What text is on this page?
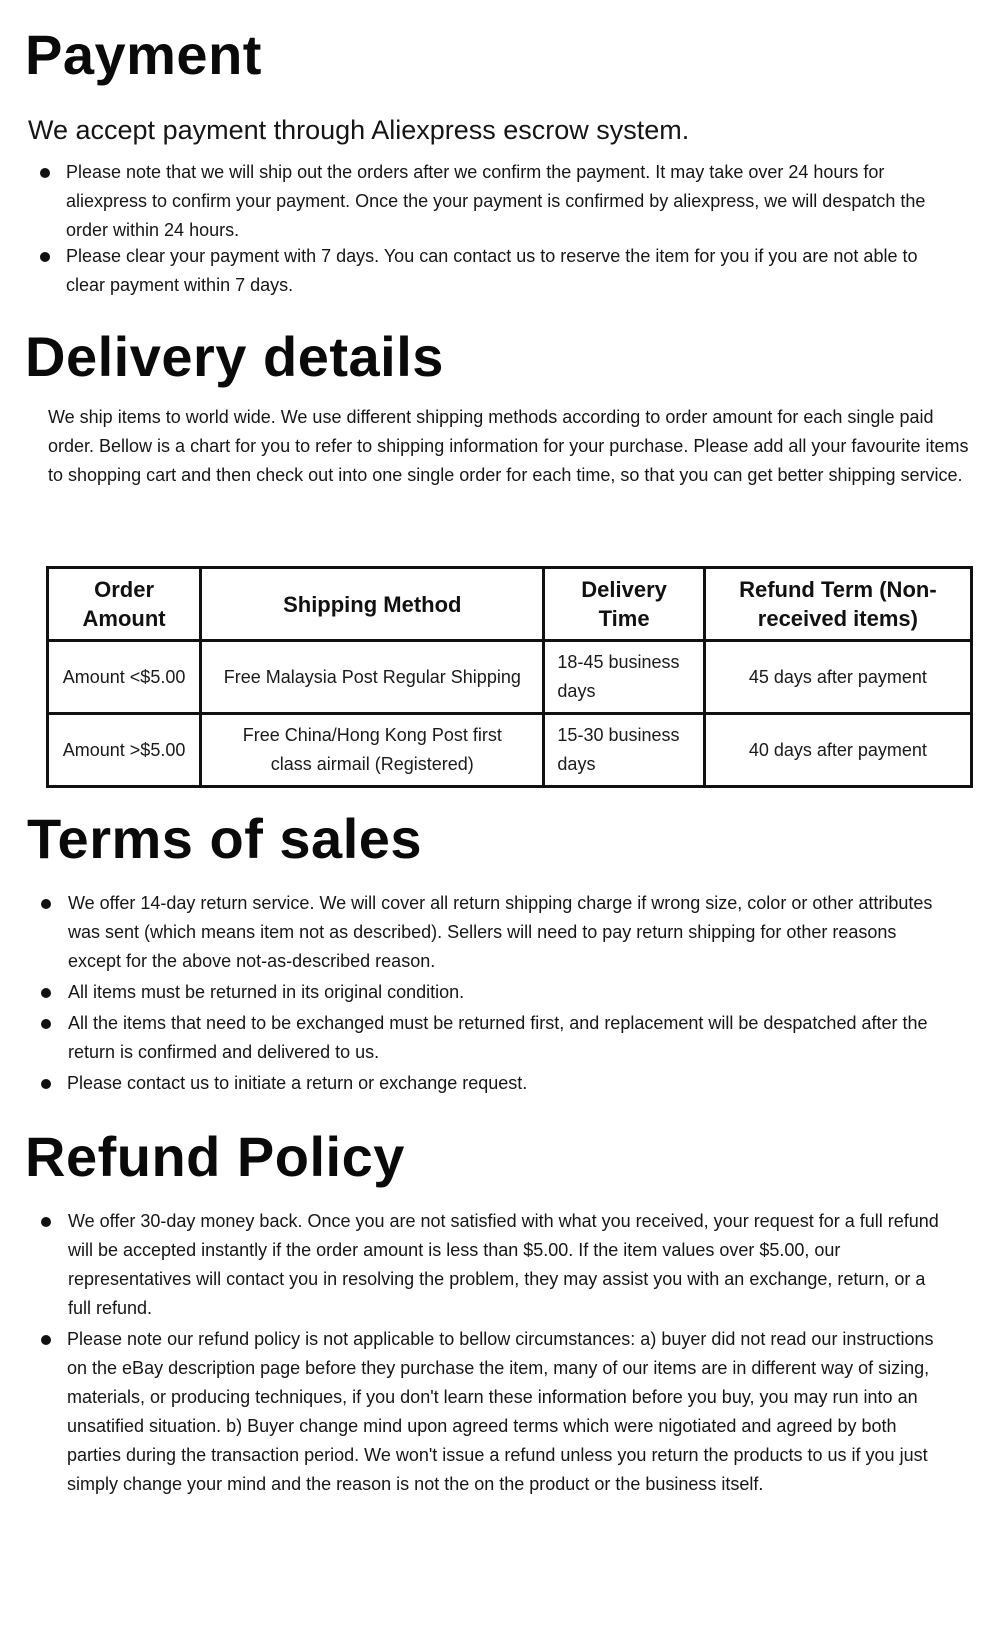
Payment

We accept payment through Aliexpress escrow system.

Please note that we will ship out the orders after we confirm the payment. It may take over 24 hours for aliexpress to confirm your payment. Once the your payment is confirmed by aliexpress, we will despatch the order within 24 hours.
Please clear your payment with 7 days. You can contact us to reserve the item for you if you are not able to clear payment within 7 days.
Delivery details

We ship items to world wide. We use different shipping methods according to order amount for each single paid order. Bellow is a chart for you to refer to shipping information for your purchase. Please add all your favourite items to shopping cart and then check out into one single order for each time, so that you can get better shipping service.

Order Amount	Shipping Method	Delivery Time	Refund Term (Non-received items)
Amount <$5.00	Free Malaysia Post Regular Shipping	18-45 business days	45 days after payment
Amount >$5.00	Free China/Hong Kong Post first class airmail (Registered)	15-30 business days	40 days after payment
Terms of sales
We offer 14-day return service. We will cover all return shipping charge if wrong size, color or other attributes was sent (which means item not as described). Sellers will need to pay return shipping for other reasons except for the above not-as-described reason.
All items must be returned in its original condition.
All the items that need to be exchanged must be returned first, and replacement will be despatched after the return is confirmed and delivered to us.
Please contact us to initiate a return or exchange request.
Refund Policy
We offer 30-day money back. Once you are not satisfied with what you received, your request for a full refund will be accepted instantly if the order amount is less than $5.00. If the item values over $5.00, our representatives will contact you in resolving the problem, they may assist you with an exchange, return, or a full refund.
Please note our refund policy is not applicable to bellow circumstances: a) buyer did not read our instructions on the eBay description page before they purchase the item, many of our items are in different way of sizing, materials, or producing techniques, if you don't learn these information before you buy, you may run into an unsatified situation. b) Buyer change mind upon agreed terms which were nigotiated and agreed by both parties during the transaction period. We won't issue a refund unless you return the products to us if you just simply change your mind and the reason is not the on the product or the business itself.
